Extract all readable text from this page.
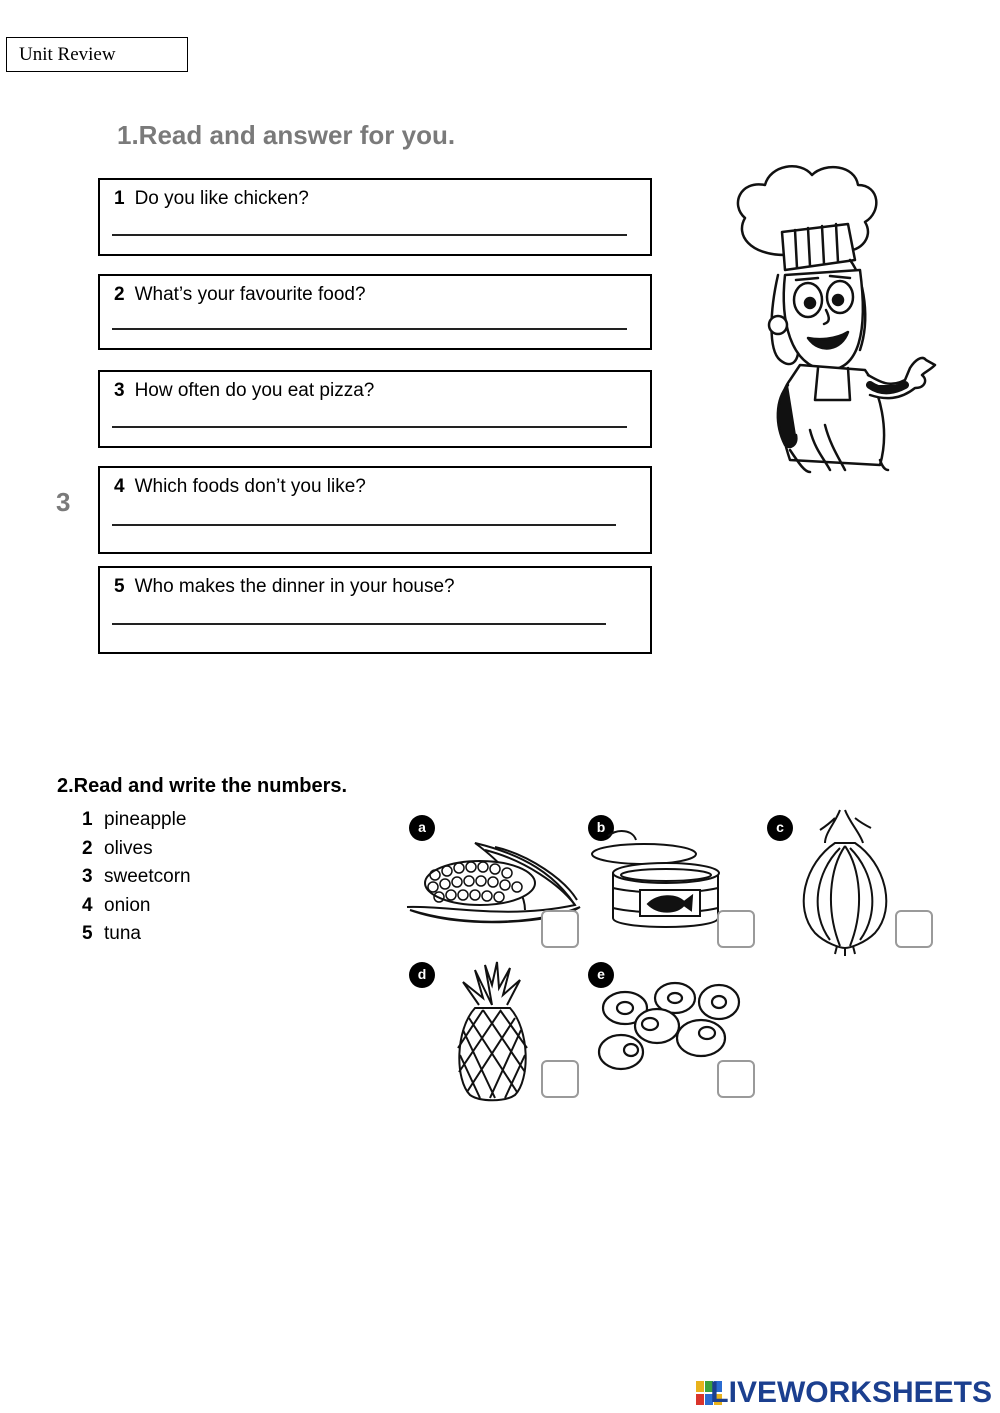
Unit Review
1.Read and answer for you.
1 Do you like chicken?
2 What’s your favourite food?
3 How often do you eat pizza?
3
4 Which foods don’t you like?
5 Who makes the dinner in your house?
2.Read and write the numbers.
1 pineapple
2 olives
3 sweetcorn
4 onion
5 tuna
a	b	c
d	e
LIVEWORKSHEETS
